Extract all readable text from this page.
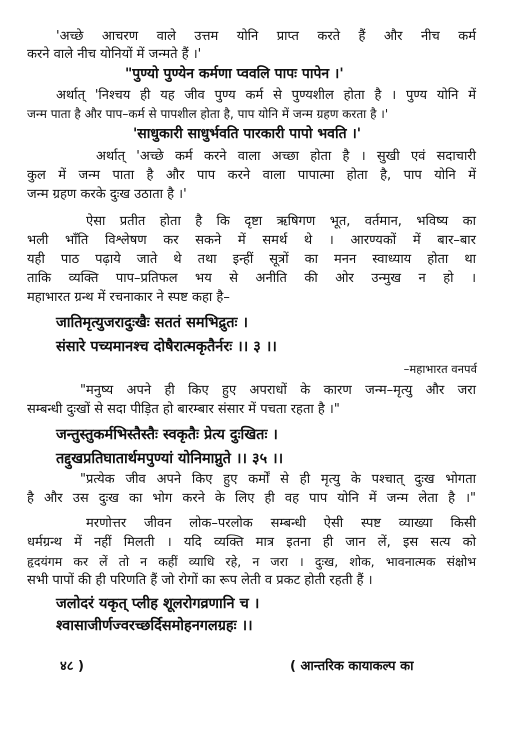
'अच्छे आचरण वाले उत्तम योनि प्राप्त करते हैं और नीच कर्म

करने वाले नीच योनियों में जन्मते हैं ।'

"पुण्यो पुण्येन कर्मणा प्ववलि पापः पापेन ।'

अर्थात् 'निश्चय ही यह जीव पुण्य कर्म से पुण्यशील होता है । पुण्य योनि में

जन्म पाता है और पाप–कर्म से पापशील होता है, पाप योनि में जन्म ग्रहण करता है ।'

'साधुकारी साधुर्भवति पारकारी पापो भवति ।'

अर्थात् 'अच्छे कर्म करने वाला अच्छा होता है । सुखी एवं सदाचारी

कुल में जन्म पाता है और पाप करने वाला पापात्मा होता है, पाप योनि में

जन्म ग्रहण करके दुःख उठाता है ।'

ऐसा प्रतीत होता है कि दृष्टा ऋषिगण भूत, वर्तमान, भविष्य का

भली भाँति विश्लेषण कर सकने में समर्थ थे । आरण्यकों में बार–बार

यही पाठ पढ़ाये जाते थे तथा इन्हीं सूत्रों का मनन स्वाध्याय होता था

ताकि व्यक्ति पाप–प्रतिफल भय से अनीति की ओर उन्मुख न हो ।

महाभारत ग्रन्थ में रचनाकार ने स्पष्ट कहा है–

जातिमृत्युजरादुःखैः सततं समभिद्रुतः ।

संसारे पच्यमानश्च दोषैरात्मकृतैर्नरः ।। ३ ।।

–महाभारत वनपर्व

"मनुष्य अपने ही किए हुए अपराधों के कारण जन्म–मृत्यु और जरा

सम्बन्धी दुःखों से सदा पीड़ित हो बारम्बार संसार में पचता रहता है ।"

जन्तुस्तुकर्मभिस्तैस्तैः स्वकृतैः प्रेत्य दुःखितः ।

तद्दुखप्रतिघातार्थमपुण्यां योनिमाप्नुते ।। ३५ ।।

"प्रत्येक जीव अपने किए हुए कर्मों से ही मृत्यु के पश्चात् दुःख भोगता

है और उस दुःख का भोग करने के लिए ही वह पाप योनि में जन्म लेता है ।"

मरणोत्तर जीवन लोक–परलोक सम्बन्धी ऐसी स्पष्ट व्याख्या किसी

धर्मग्रन्थ में नहीं मिलती । यदि व्यक्ति मात्र इतना ही जान लें, इस सत्य को

हृदयंगम कर लें तो न कहीं व्याधि रहे, न जरा । दुःख, शोक, भावनात्मक संक्षोभ

सभी पापों की ही परिणति हैं जो रोगों का रूप लेती व प्रकट होती रहती हैं ।

जलोदरं यकृत् प्लीह शूलरोगव्रणानि च ।

श्वासाजीर्णज्वरच्छर्दिसमोहनगलग्रहः ।।

४८ )	( आन्तरिक कायाकल्प का
